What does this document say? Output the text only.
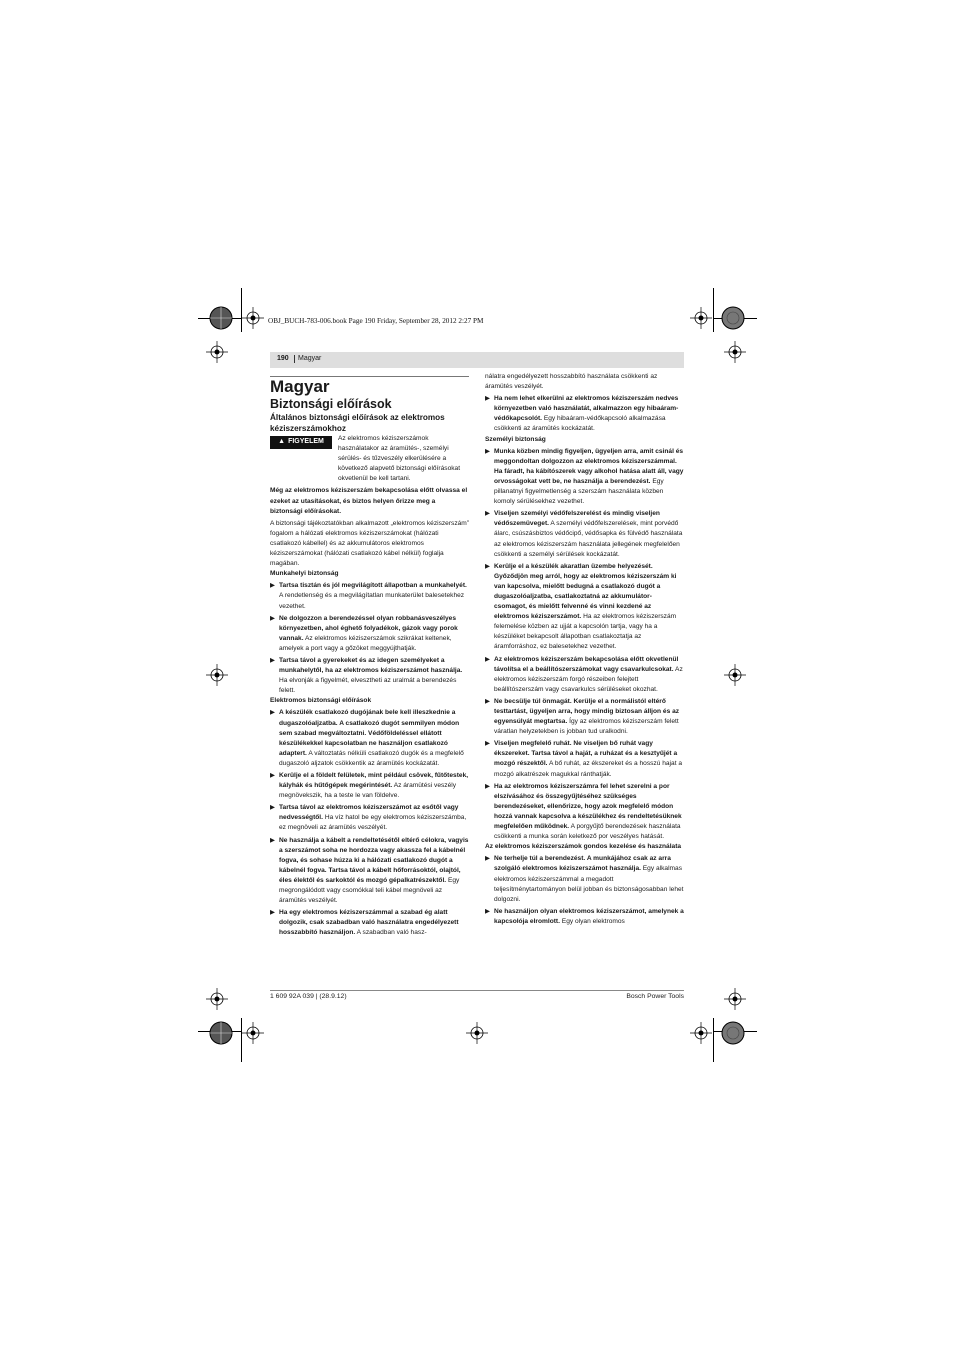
OBJ_BUCH-783-006.book Page 190 Friday, September 28, 2012 2:27 PM
190	Magyar

Magyar

Biztonsági előírások

Általános biztonsági előírások az elektromos kéziszerszámokhoz

▲ FIGYELEM Az elektromos kéziszerszámok használatakor az áramütés-, személyi sérülés- és tűzveszély elkerülésére a következő alapvető biztonsági előírásokat okvetlenül be kell tartani.

Még az elektromos kéziszerszám bekapcsolása előtt olvassa el ezeket az utasításokat, és biztos helyen őrizze meg a biztonsági előírásokat.

A biztonsági tájékoztatókban alkalmazott „elektromos kéziszerszám” fogalom a hálózati elektromos kéziszerszámokat (hálózati csatlakozó kábellel) és az akkumulátoros elektromos kéziszerszámokat (hálózati csatlakozó kábel nélkül) foglalja magában.

Munkahelyi biztonság

▶ Tartsa tisztán és jól megvilágított állapotban a munkahelyét. A rendetlenség és a megvilágítatlan munkaterület balesetekhez vezethet.

▶ Ne dolgozzon a berendezéssel olyan robbanásveszélyes környezetben, ahol éghető folyadékok, gázok vagy porok vannak. Az elektromos kéziszerszámok szikrákat keltenek, amelyek a port vagy a gőzöket meggyújthatják.

▶ Tartsa távol a gyerekeket és az idegen személyeket a munkahelytől, ha az elektromos kéziszerszámot használja. Ha elvonják a figyelmét, elvesztheti az uralmát a berendezés felett.

Elektromos biztonsági előírások

▶ A készülék csatlakozó dugójának bele kell illeszkednie a dugaszolóaljzatba. A csatlakozó dugót semmilyen módon sem szabad megváltoztatni. Védőföldeléssel ellátott készülékekkel kapcsolatban ne használjon csatlakozó adaptert. A változtatás nélküli csatlakozó dugók és a megfelelő dugaszoló aljzatok csökkentik az áramütés kockázatát.

▶ Kerülje el a földelt felületek, mint például csövek, fűtőtestek, kályhák és hűtőgépek megérintését. Az áramütési veszély megnövekszik, ha a teste le van földelve.

▶ Tartsa távol az elektromos kéziszerszámot az esőtől vagy nedvességtől. Ha víz hatol be egy elektromos kéziszerszámba, ez megnöveli az áramütés veszélyét.

▶ Ne használja a kábelt a rendeltetésétől eltérő célokra, vagyis a szerszámot soha ne hordozza vagy akassza fel a kábelnél fogva, és sohase húzza ki a hálózati csatlakozó dugót a kábelnél fogva. Tartsa távol a kábelt hőforrásoktól, olajtól, éles élektől és sarkoktól és mozgó gépalkatrészektől. Egy megrongálódott vagy csomókkal teli kábel megnöveli az áramütés veszélyét.

▶ Ha egy elektromos kéziszerszámmal a szabad ég alatt dolgozik, csak szabadban való használatra engedélyezett hosszabbító használjon. A szabadban való hasz-

nálatra engedélyezett hosszabbító használata csökkenti az áramütés veszélyét.

▶ Ha nem lehet elkerülni az elektromos kéziszerszám nedves környezetben való használatát, alkalmazzon egy hibaáram-védőkapcsolót. Egy hibaáram-védőkapcsoló alkalmazása csökkenti az áramütés kockázatát.

Személyi biztonság

▶ Munka közben mindig figyeljen, ügyeljen arra, amit csinál és meggondoltan dolgozzon az elektromos kéziszerszámmal. Ha fáradt, ha kábítószerek vagy alkohol hatása alatt áll, vagy orvosságokat vett be, ne használja a berendezést. Egy pillanatnyi figyelmetlenség a szerszám használata közben komoly sérülésekhez vezethet.

▶ Viseljen személyi védőfelszerelést és mindig viseljen védőszemüveget. A személyi védőfelszerelések, mint porvédő álarc, csúszásbiztos védőcipő, védősapka és fülvédő használata az elektromos kéziszerszám használata jellegének megfelelően csökkenti a személyi sérülések kockázatát.

▶ Kerülje el a készülék akaratlan üzembe helyezését. Győződjön meg arról, hogy az elektromos kéziszerszám ki van kapcsolva, mielőtt bedugná a csatlakozó dugót a dugaszolóaljzatba, csatlakoztatná az akkumulátor-csomagot, és mielőtt felvenné és vinni kezdené az elektromos kéziszerszámot. Ha az elektromos kéziszerszám felemelése közben az ujját a kapcsolón tartja, vagy ha a készüléket bekapcsolt állapotban csatlakoztatja az áramforráshoz, ez balesetekhez vezethet.

▶ Az elektromos kéziszerszám bekapcsolása előtt okvetlenül távolítsa el a beállítószerszámokat vagy csavarkulcsokat. Az elektromos kéziszerszám forgó részeiben felejtett beállítószerszám vagy csavarkulcs sérüléseket okozhat.

▶ Ne becsülje túl önmagát. Kerülje el a normálistól eltérő testtartást, ügyeljen arra, hogy mindig biztosan álljon és az egyensúlyát megtartsa. Így az elektromos kéziszerszám felett váratlan helyzetekben is jobban tud uralkodni.

▶ Viseljen megfelelő ruhát. Ne viseljen bő ruhát vagy ékszereket. Tartsa távol a haját, a ruházat és a kesztyűjét a mozgó részektől. A bő ruhát, az ékszereket és a hosszú hajat a mozgó alkatrészek magukkal ránthatják.

▶ Ha az elektromos kéziszerszámra fel lehet szerelni a por elszívásához és összegyűjtéséhez szükséges berendezéseket, ellenőrizze, hogy azok megfelelő módon hozzá vannak kapcsolva a készülékhez és rendeltetésüknek megfelelően működnek. A porgyűjtő berendezések használata csökkenti a munka során keletkező por veszélyes hatását.

Az elektromos kéziszerszámok gondos kezelése és használata

▶ Ne terhelje túl a berendezést. A munkájához csak az arra szolgáló elektromos kéziszerszámot használja. Egy alkalmas elektromos kéziszerszámmal a megadott teljesítménytartományon belül jobban és biztonságosabban lehet dolgozni.

▶ Ne használjon olyan elektromos kéziszerszámot, amelynek a kapcsolója elromlott. Egy olyan elektromos

1 609 92A 039 | (28.9.12)	Bosch Power Tools
